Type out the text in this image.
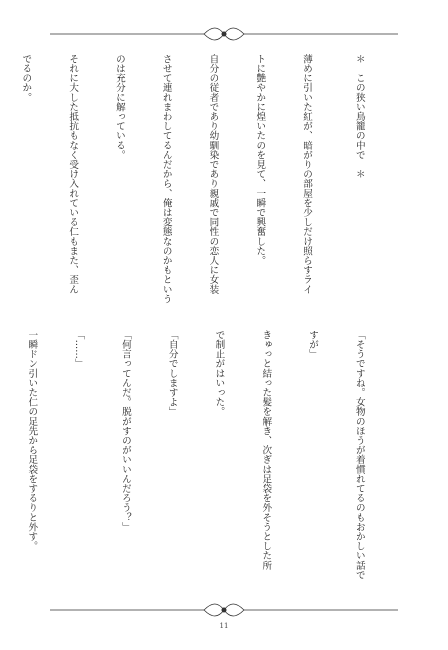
＊　この狭い鳥籠の中で　＊

薄めに引いた紅が、暗がりの部屋を少しだけ照らすライ

トに艶やかに煌いたのを見て、一瞬で興奮した。

自分の従者であり幼馴染であり親戚で同性の恋人に女装

させて連れまわしてるんだから、俺は変態なのかもという

のは充分に解っている。

それに大した抵抗もなく受け入れている仁もまた、歪ん

でるのか。

「そうですね。女物のほうが着慣れてるのもおかしい話で

すが」

きゅっと結った髪を解き、次ぎは足袋を外そうとした所

で制止がはいった。

「自分でしますよ」

「何言ってんだ。脱がすのがいいんだろう？」

「……」

一瞬ドン引いた仁の足先から足袋をするりと外す。

11
